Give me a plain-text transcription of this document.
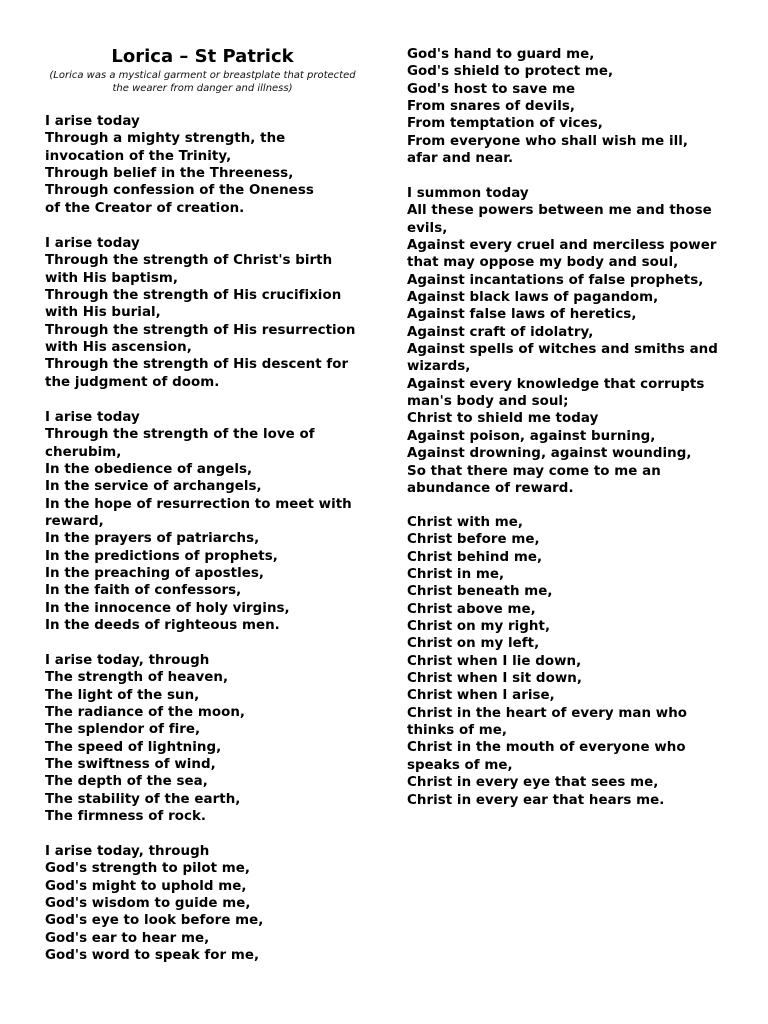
Lorica – St Patrick
(Lorica was a mystical garment or breastplate that protected the wearer from danger and illness)
I arise today
Through a mighty strength, the
invocation of the Trinity,
Through belief in the Threeness,
Through confession of the Oneness
of the Creator of creation.
I arise today
Through the strength of Christ's birth
with His baptism,
Through the strength of His crucifixion
with His burial,
Through the strength of His resurrection
with His ascension,
Through the strength of His descent for
the judgment of doom.
I arise today
Through the strength of the love of
cherubim,
In the obedience of angels,
In the service of archangels,
In the hope of resurrection to meet with
reward,
In the prayers of patriarchs,
In the predictions of prophets,
In the preaching of apostles,
In the faith of confessors,
In the innocence of holy virgins,
In the deeds of righteous men.
I arise today, through
The strength of heaven,
The light of the sun,
The radiance of the moon,
The splendor of fire,
The speed of lightning,
The swiftness of wind,
The depth of the sea,
The stability of the earth,
The firmness of rock.
I arise today, through
God's strength to pilot me,
God's might to uphold me,
God's wisdom to guide me,
God's eye to look before me,
God's ear to hear me,
God's word to speak for me,
God's hand to guard me,
God's shield to protect me,
God's host to save me
From snares of devils,
From temptation of vices,
From everyone who shall wish me ill,
afar and near.
I summon today
All these powers between me and those
evils,
Against every cruel and merciless power
that may oppose my body and soul,
Against incantations of false prophets,
Against black laws of pagandom,
Against false laws of heretics,
Against craft of idolatry,
Against spells of witches and smiths and
wizards,
Against every knowledge that corrupts
man's body and soul;
Christ to shield me today
Against poison, against burning,
Against drowning, against wounding,
So that there may come to me an
abundance of reward.
Christ with me,
Christ before me,
Christ behind me,
Christ in me,
Christ beneath me,
Christ above me,
Christ on my right,
Christ on my left,
Christ when I lie down,
Christ when I sit down,
Christ when I arise,
Christ in the heart of every man who
thinks of me,
Christ in the mouth of everyone who
speaks of me,
Christ in every eye that sees me,
Christ in every ear that hears me.
